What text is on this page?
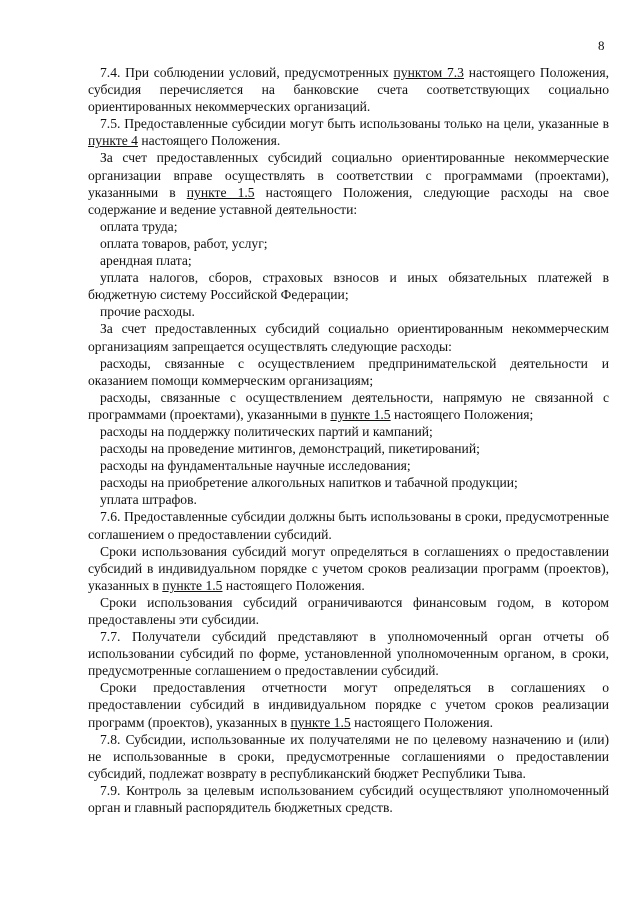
8

7.4. При соблюдении условий, предусмотренных пунктом 7.3 настоящего Положения, субсидия перечисляется на банковские счета соответствующих социально ориентированных некоммерческих организаций.

7.5. Предоставленные субсидии могут быть использованы только на цели, указанные в пункте 4 настоящего Положения.

За счет предоставленных субсидий социально ориентированные некоммерческие организации вправе осуществлять в соответствии с программами (проектами), указанными в пункте 1.5 настоящего Положения, следующие расходы на свое содержание и ведение уставной деятельности:

оплата труда;

оплата товаров, работ, услуг;

арендная плата;

уплата налогов, сборов, страховых взносов и иных обязательных платежей в бюджетную систему Российской Федерации;

прочие расходы.

За счет предоставленных субсидий социально ориентированным некоммерческим организациям запрещается осуществлять следующие расходы:

расходы, связанные с осуществлением предпринимательской деятельности и оказанием помощи коммерческим организациям;

расходы, связанные с осуществлением деятельности, напрямую не связанной с программами (проектами), указанными в пункте 1.5 настоящего Положения;

расходы на поддержку политических партий и кампаний;

расходы на проведение митингов, демонстраций, пикетирований;

расходы на фундаментальные научные исследования;

расходы на приобретение алкогольных напитков и табачной продукции;

уплата штрафов.

7.6. Предоставленные субсидии должны быть использованы в сроки, предусмотренные соглашением о предоставлении субсидий.

Сроки использования субсидий могут определяться в соглашениях о предоставлении субсидий в индивидуальном порядке с учетом сроков реализации программ (проектов), указанных в пункте 1.5 настоящего Положения.

Сроки использования субсидий ограничиваются финансовым годом, в котором предоставлены эти субсидии.

7.7. Получатели субсидий представляют в уполномоченный орган отчеты об использовании субсидий по форме, установленной уполномоченным органом, в сроки, предусмотренные соглашением о предоставлении субсидий.

Сроки предоставления отчетности могут определяться в соглашениях о предоставлении субсидий в индивидуальном порядке с учетом сроков реализации программ (проектов), указанных в пункте 1.5 настоящего Положения.

7.8. Субсидии, использованные их получателями не по целевому назначению и (или) не использованные в сроки, предусмотренные соглашениями о предоставлении субсидий, подлежат возврату в республиканский бюджет Республики Тыва.

7.9. Контроль за целевым использованием субсидий осуществляют уполномоченный орган и главный распорядитель бюджетных средств.
